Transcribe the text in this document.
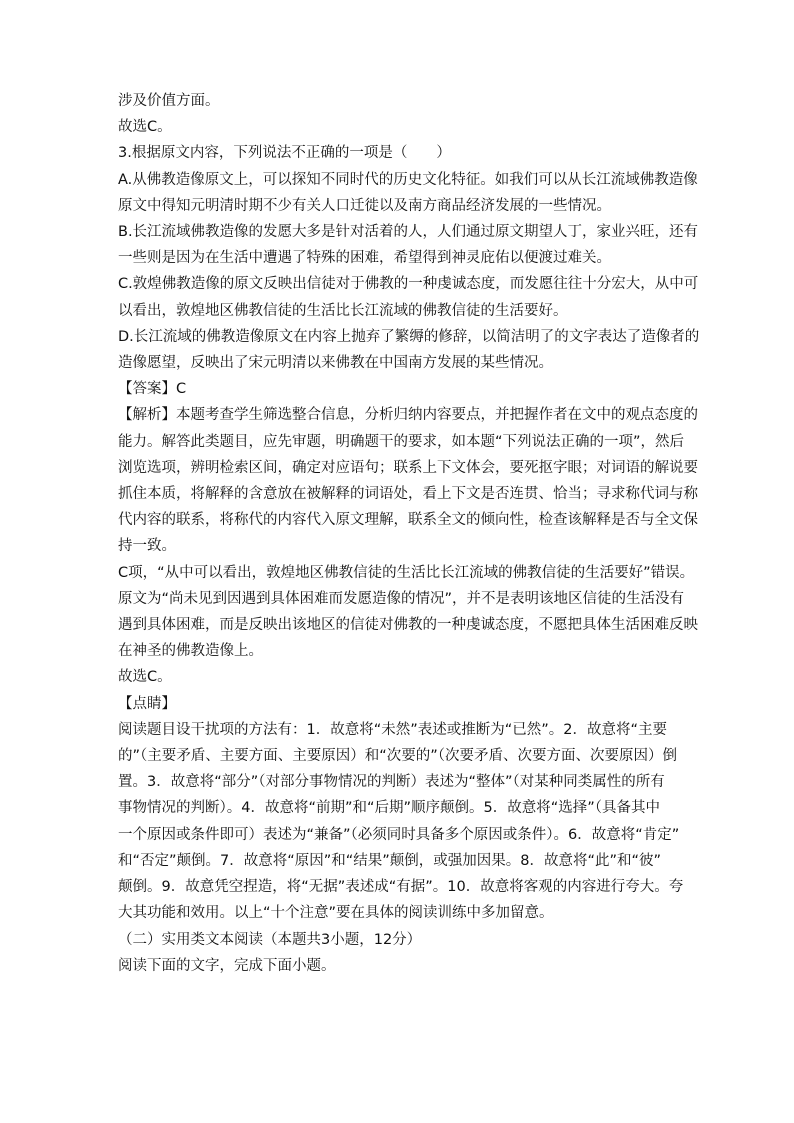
涉及价值方面。
故选C。
3.根据原文内容，下列说法不正确的一项是（　　）
A.从佛教造像原文上，可以探知不同时代的历史文化特征。如我们可以从长江流域佛教造像
原文中得知元明清时期不少有关人口迁徙以及南方商品经济发展的一些情况。
B.长江流域佛教造像的发愿大多是针对活着的人，人们通过原文期望人丁，家业兴旺，还有
一些则是因为在生活中遭遇了特殊的困难，希望得到神灵庇佑以便渡过难关。
C.敦煌佛教造像的原文反映出信徒对于佛教的一种虔诚态度，而发愿往往十分宏大，从中可
以看出，敦煌地区佛教信徒的生活比长江流域的佛教信徒的生活要好。
D.长江流域的佛教造像原文在内容上抛弃了繁缛的修辞，以简洁明了的文字表达了造像者的
造像愿望，反映出了宋元明清以来佛教在中国南方发展的某些情况。
【答案】C
【解析】本题考查学生筛选整合信息，分析归纳内容要点，并把握作者在文中的观点态度的
能力。解答此类题目，应先审题，明确题干的要求，如本题“下列说法正确的一项”，然后
浏览选项，辨明检索区间，确定对应语句；联系上下文体会，要死抠字眼；对词语的解说要
抓住本质，将解释的含意放在被解释的词语处，看上下文是否连贯、恰当；寻求称代词与称
代内容的联系，将称代的内容代入原文理解，联系全文的倾向性，检查该解释是否与全文保
持一致。
C项，“从中可以看出，敦煌地区佛教信徒的生活比长江流域的佛教信徒的生活要好”错误。
原文为“尚未见到因遇到具体困难而发愿造像的情况”，并不是表明该地区信徒的生活没有
遇到具体困难，而是反映出该地区的信徒对佛教的一种虔诚态度，不愿把具体生活困难反映
在神圣的佛教造像上。
故选C。
【点睛】
阅读题目设干扰项的方法有：1．故意将“未然”表述或推断为“已然”。2．故意将“主要
的”（主要矛盾、主要方面、主要原因）和“次要的”（次要矛盾、次要方面、次要原因）倒
置。3．故意将“部分”（对部分事物情况的判断）表述为“整体”（对某种同类属性的所有
事物情况的判断）。4．故意将“前期”和“后期”顺序颠倒。5．故意将“选择”（具备其中
一个原因或条件即可）表述为“兼备”（必须同时具备多个原因或条件）。6．故意将“肯定”
和“否定”颠倒。7．故意将“原因”和“结果”颠倒，或强加因果。8．故意将“此”和“彼”
颠倒。9．故意凭空捏造，将“无据”表述成“有据”。10．故意将客观的内容进行夸大。夸
大其功能和效用。以上“十个注意”要在具体的阅读训练中多加留意。
（二）实用类文本阅读（本题共3小题，12分）
阅读下面的文字，完成下面小题。
